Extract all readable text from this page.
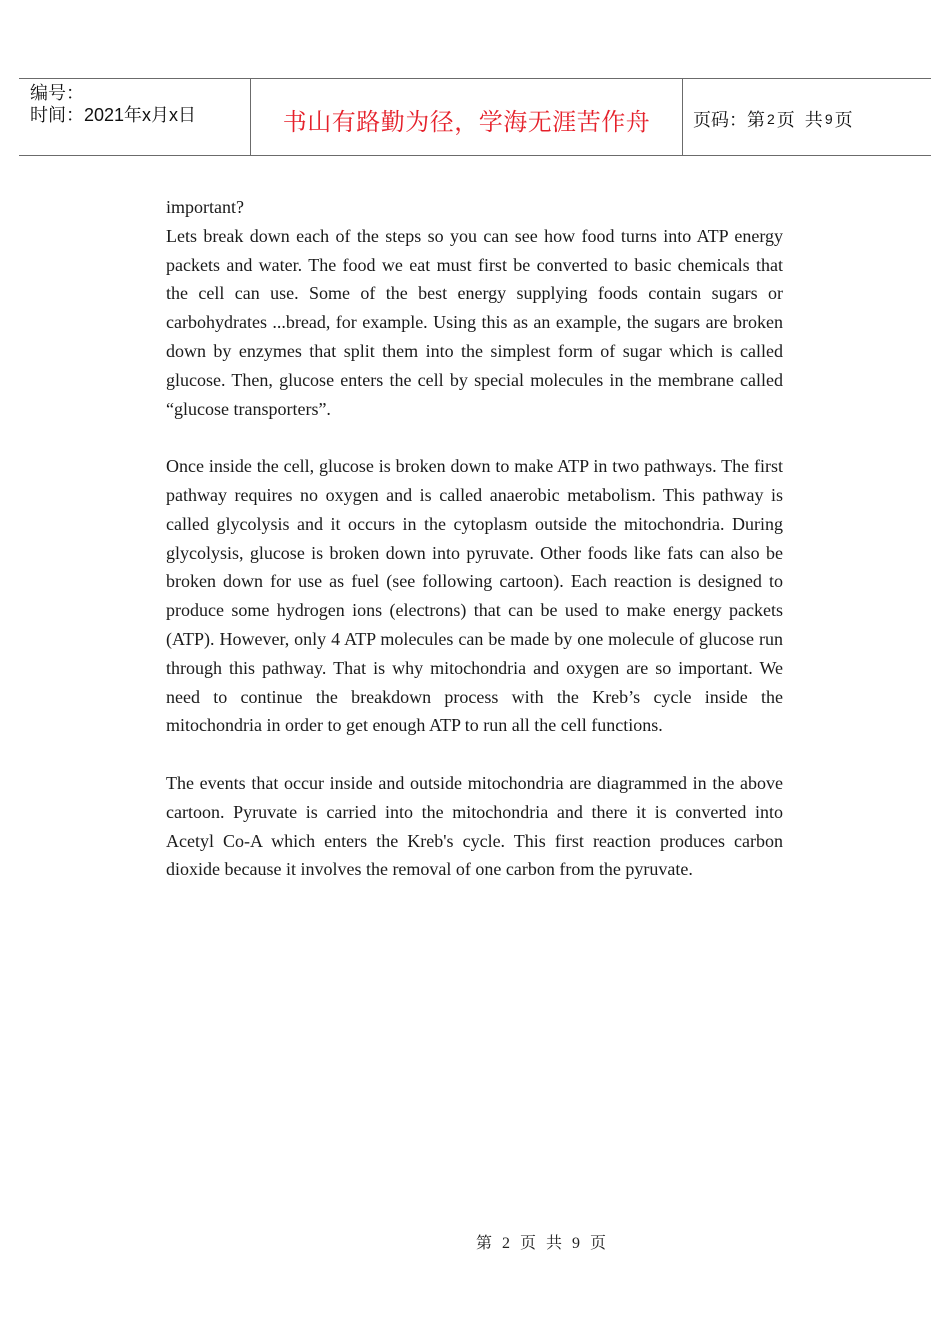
编号：
时间：2021年x月x日	书山有路勤为径，学海无涯苦作舟 页码：第 2 页  共 9 页

important?

Lets break down each of the steps so you can see how food turns into ATP energy packets and water. The food we eat must first be converted to basic chemicals that the cell can use. Some of the best energy supplying foods contain sugars or carbohydrates ...bread, for example. Using this as an example, the sugars are broken down by enzymes that split them into the simplest form of sugar which is called glucose. Then, glucose enters the cell by special molecules in the membrane called “glucose transporters”.

Once inside the cell, glucose is broken down to make ATP in two pathways. The first pathway requires no oxygen and is called anaerobic metabolism. This pathway is called glycolysis and it occurs in the cytoplasm outside the mitochondria. During glycolysis, glucose is broken down into pyruvate. Other foods like fats can also be broken down for use as fuel (see following cartoon). Each reaction is designed to produce some hydrogen ions (electrons) that can be used to make energy packets (ATP). However, only 4 ATP molecules can be made by one molecule of glucose run through this pathway. That is why mitochondria and oxygen are so important. We need to continue the breakdown process with the Kreb’s cycle inside the mitochondria in order to get enough ATP to run all the cell functions.

The events that occur inside and outside mitochondria are diagrammed in the above cartoon. Pyruvate is carried into the mitochondria and there it is converted into Acetyl Co-A which enters the Kreb's cycle. This first reaction produces carbon dioxide because it involves the removal of one carbon from the pyruvate.

第 2 页 共 9 页
